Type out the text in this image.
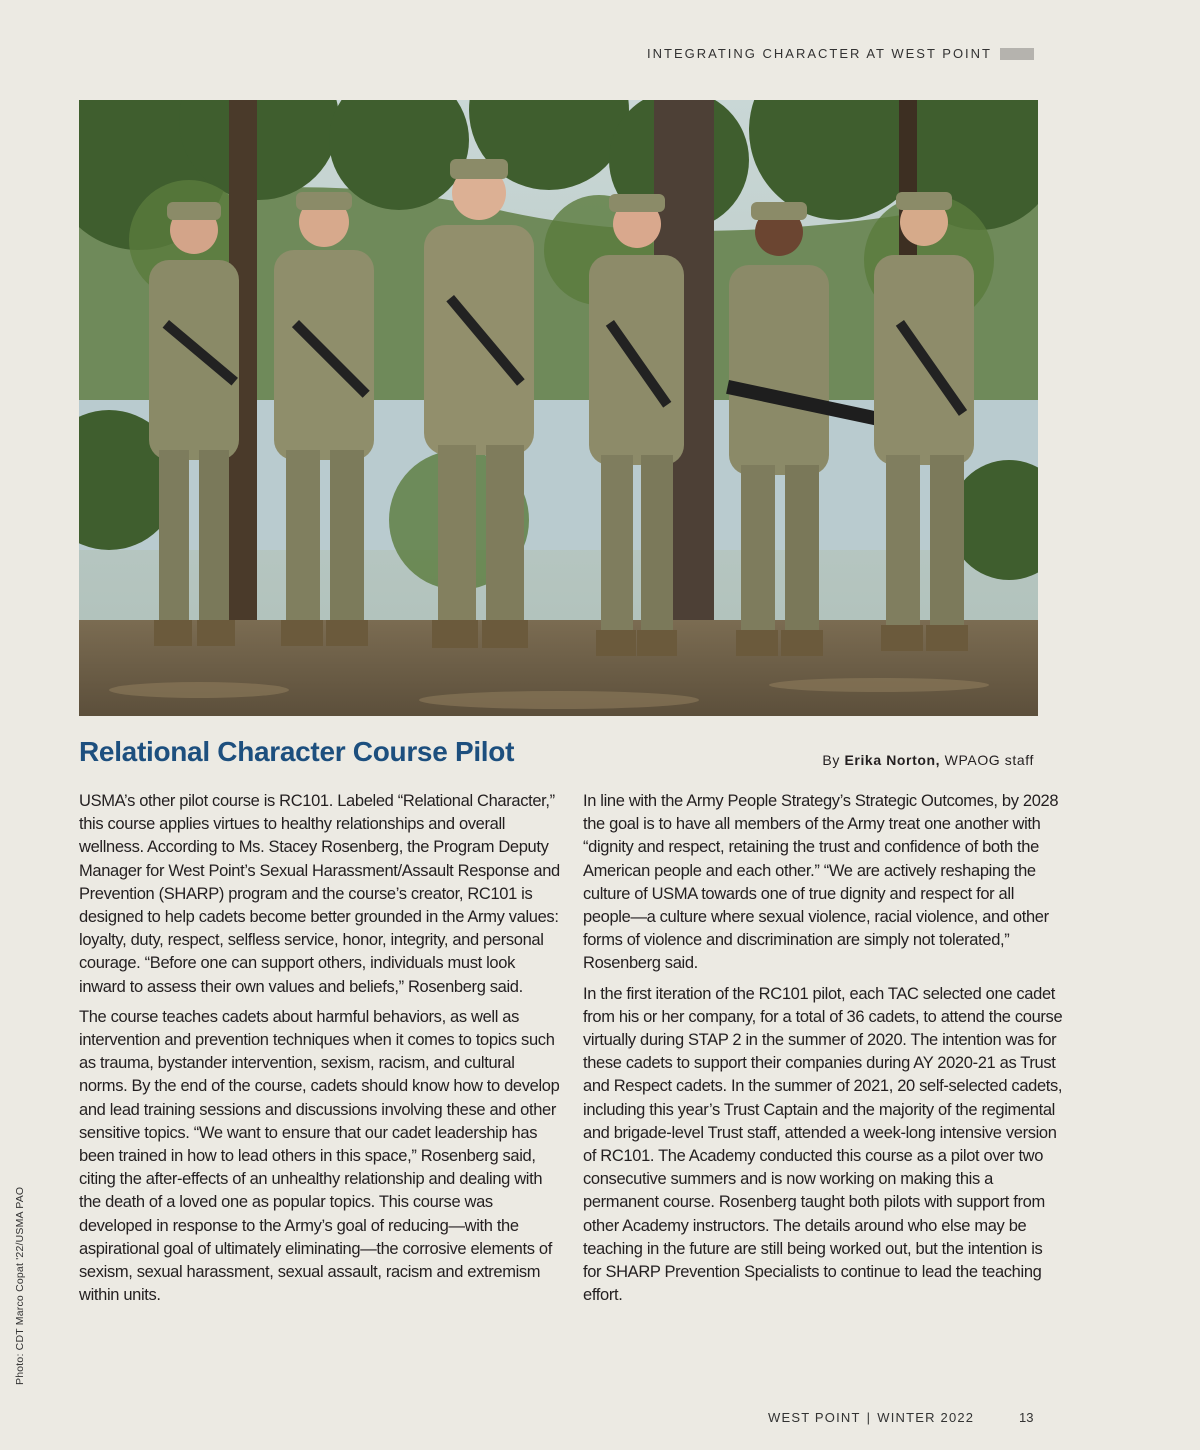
INTEGRATING CHARACTER AT WEST POINT
Relational Character Course Pilot	By Erika Norton, WPAOG staff

USMA’s other pilot course is RC101. Labeled “Relational Character,” this course applies virtues to healthy relationships and overall wellness. According to Ms. Stacey Rosenberg, the Program Deputy Manager for West Point’s Sexual Harassment/Assault Response and Prevention (SHARP) program and the course’s creator, RC101 is designed to help cadets become better grounded in the Army values: loyalty, duty, respect, selfless service, honor, integrity, and personal courage. “Before one can support others, individuals must look inward to assess their own values and beliefs,” Rosenberg said.

The course teaches cadets about harmful behaviors, as well as intervention and prevention techniques when it comes to topics such as trauma, bystander intervention, sexism, racism, and cultural norms. By the end of the course, cadets should know how to develop and lead training sessions and discussions involving these and other sensitive topics. “We want to ensure that our cadet leadership has been trained in how to lead others in this space,” Rosenberg said, citing the after-effects of an unhealthy relationship and dealing with the death of a loved one as popular topics. This course was developed in response to the Army’s goal of reducing—with the aspirational goal of ultimately eliminating—the corrosive elements of sexism, sexual harassment, sexual assault, racism and extremism within units.

In line with the Army People Strategy’s Strategic Outcomes, by 2028 the goal is to have all members of the Army treat one another with “dignity and respect, retaining the trust and confidence of both the American people and each other.” “We are actively reshaping the culture of USMA towards one of true dignity and respect for all people—a culture where sexual violence, racial violence, and other forms of violence and discrimination are simply not tolerated,” Rosenberg said.

In the first iteration of the RC101 pilot, each TAC selected one cadet from his or her company, for a total of 36 cadets, to attend the course virtually during STAP 2 in the summer of 2020. The intention was for these cadets to support their companies during AY 2020-21 as Trust and Respect cadets. In the summer of 2021, 20 self-selected cadets, including this year’s Trust Captain and the majority of the regimental and brigade-level Trust staff, attended a week-long intensive version of RC101. The Academy conducted this course as a pilot over two consecutive summers and is now working on making this a permanent course. Rosenberg taught both pilots with support from other Academy instructors. The details around who else may be teaching in the future are still being worked out, but the intention is for SHARP Prevention Specialists to continue to lead the teaching effort.

Photo: CDT Marco Copat '22/USMA PAO
WEST POINT | WINTER 2022	13
